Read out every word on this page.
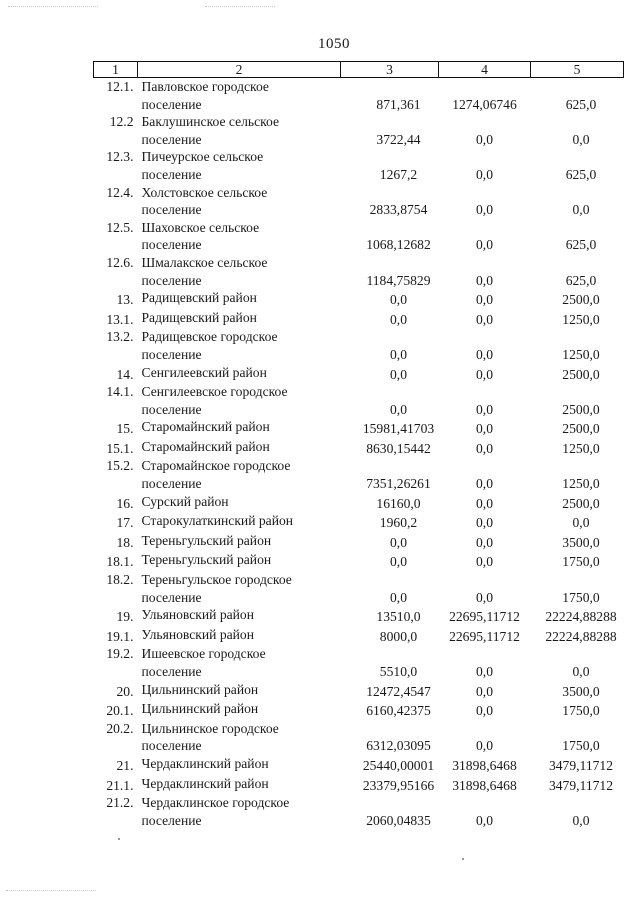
1050
1	2	3	4	5
12.1.	Павловское городское
поселение	871,361	1274,06746	625,0
12.2	Баклушинское сельское
поселение	3722,44	0,0	0,0
12.3.	Пичеурское сельское
поселение	1267,2	0,0	625,0
12.4.	Холстовское сельское
поселение	2833,8754	0,0	0,0
12.5.	Шаховское сельское
поселение	1068,12682	0,0	625,0
12.6.	Шмалакское сельское
поселение	1184,75829	0,0	625,0
13.	Радищевский район	0,0	0,0	2500,0
13.1.	Радищевский район	0,0	0,0	1250,0
13.2.	Радищевское городское
поселение	0,0	0,0	1250,0
14.	Сенгилеевский район	0,0	0,0	2500,0
14.1.	Сенгилеевское городское
поселение	0,0	0,0	2500,0
15.	Старомайнский район	15981,41703	0,0	2500,0
15.1.	Старомайнский район	8630,15442	0,0	1250,0
15.2.	Старомайнское городское
поселение	7351,26261	0,0	1250,0
16.	Сурский район	16160,0	0,0	2500,0
17.	Старокулаткинский район	1960,2	0,0	0,0
18.	Тереньгульский район	0,0	0,0	3500,0
18.1.	Тереньгульский район	0,0	0,0	1750,0
18.2.	Тереньгульское городское
поселение	0,0	0,0	1750,0
19.	Ульяновский район	13510,0	22695,11712	22224,88288
19.1.	Ульяновский район	8000,0	22695,11712	22224,88288
19.2.	Ишеевское городское
поселение	5510,0	0,0	0,0
20.	Цильнинский район	12472,4547	0,0	3500,0
20.1.	Цильнинский район	6160,42375	0,0	1750,0
20.2.	Цильнинское городское
поселение	6312,03095	0,0	1750,0
21.	Чердаклинский район	25440,00001	31898,6468	3479,11712
21.1.	Чердаклинский район	23379,95166	31898,6468	3479,11712
21.2.	Чердаклинское городское
поселение	2060,04835	0,0	0,0
